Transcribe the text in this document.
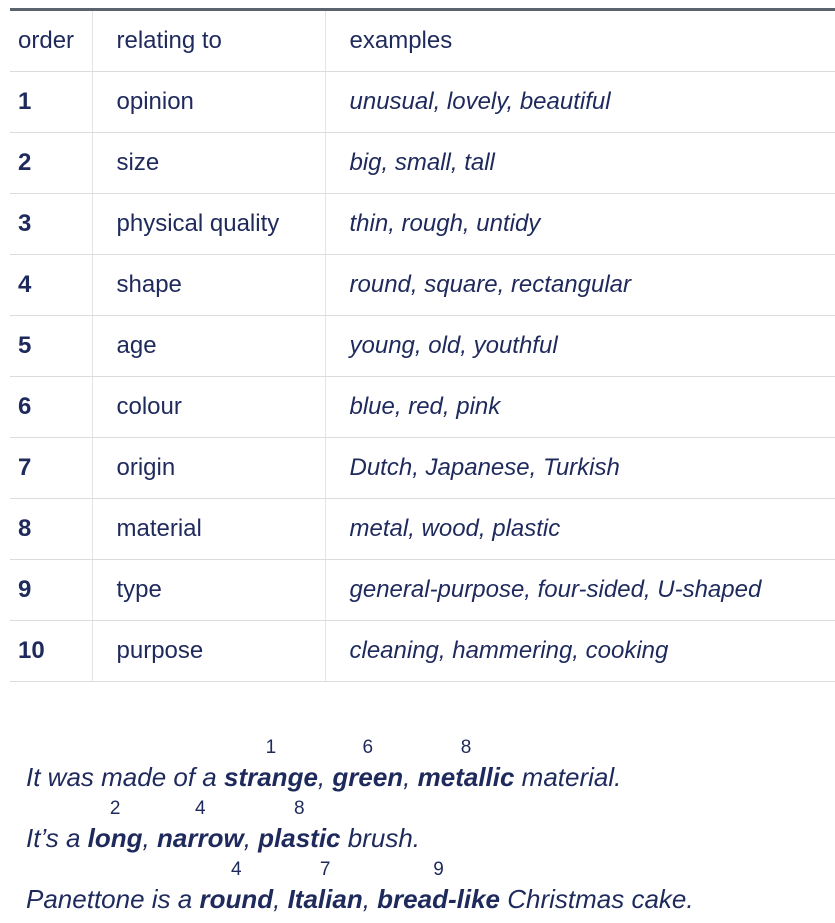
order	relating to	examples
1	opinion	unusual, lovely, beautiful
2	size	big, small, tall
3	physical quality	thin, rough, untidy
4	shape	round, square, rectangular
5	age	young, old, youthful
6	colour	blue, red, pink
7	origin	Dutch, Japanese, Turkish
8	material	metal, wood, plastic
9	type	general-purpose, four-sided, U-shaped
10	purpose	cleaning, hammering, cooking
It was made of a
1
strange,
6
green,
8
metallic material.
It’s a
2
long,
4
narrow,
8
plastic brush.
Panettone is a
4
round,
7
Italian,
9
bread-like Christmas cake.
